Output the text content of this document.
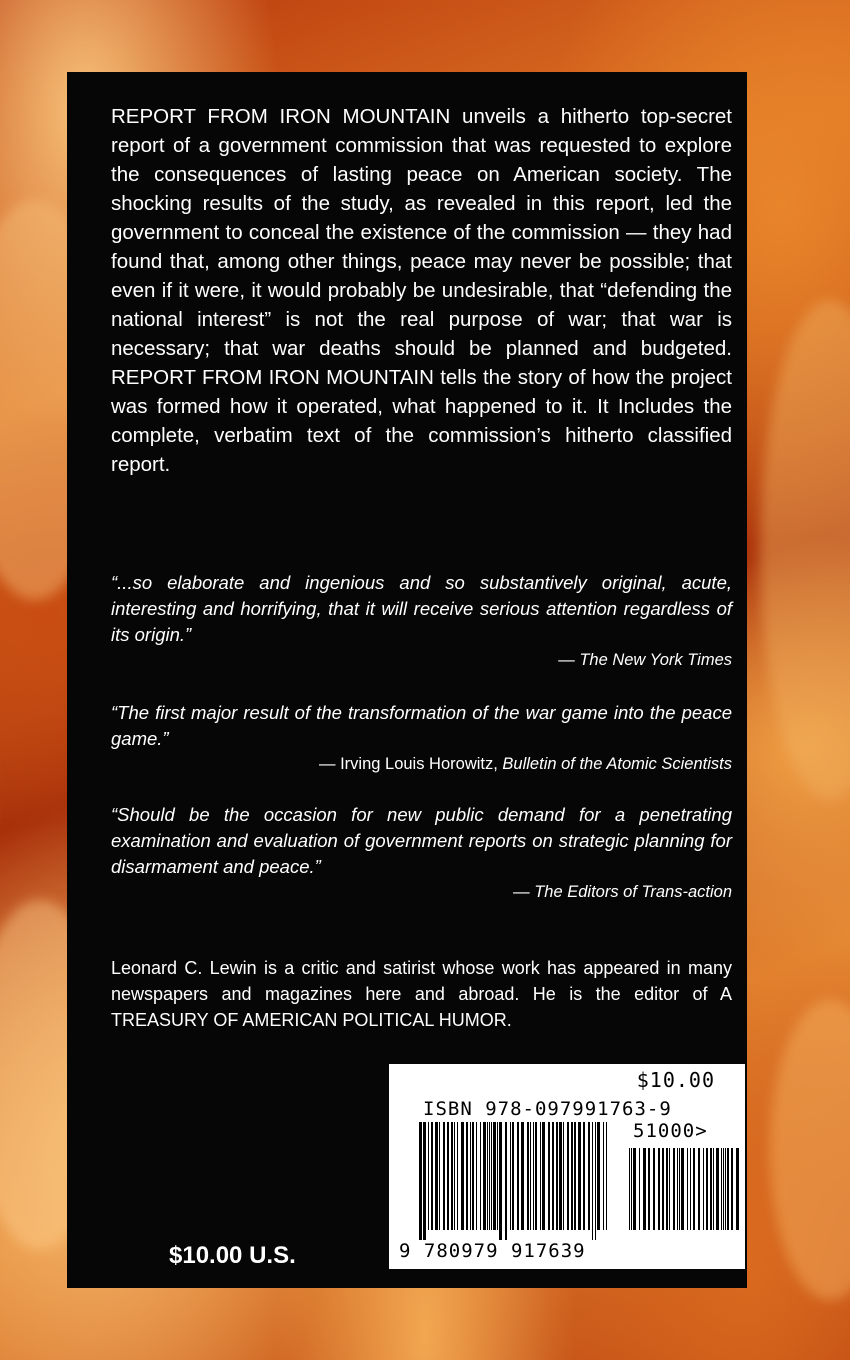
REPORT FROM IRON MOUNTAIN unveils a hitherto top-secret report of a government commission that was requested to explore the consequences of lasting peace on American society. The shocking results of the study, as revealed in this report, led the government to conceal the existence of the commission — they had found that, among other things, peace may never be possible; that even if it were, it would probably be undesirable, that “defending the national interest” is not the real purpose of war; that war is necessary; that war deaths should be planned and budgeted. REPORT FROM IRON MOUNTAIN tells the story of how the project was formed how it operated, what happened to it. It Includes the complete, verbatim text of the commission’s hitherto classified report.

“...so elaborate and ingenious and so substantively original, acute, interesting and horrifying, that it will receive serious attention regardless of its origin.”
— The New York Times
“The first major result of the transformation of the war game into the peace game.”
— Irving Louis Horowitz, Bulletin of the Atomic Scientists
“Should be the occasion for new public demand for a penetrating examination and evaluation of government reports on strategic planning for disarmament and peace.”
— The Editors of Trans-action

Leonard C. Lewin is a critic and satirist whose work has appeared in many newspapers and magazines here and abroad. He is the editor of A TREASURY OF AMERICAN POLITICAL HUMOR.

$10.00 U.S.
$10.00
ISBN 978-097991763-9
51000>
9 780979 917639
